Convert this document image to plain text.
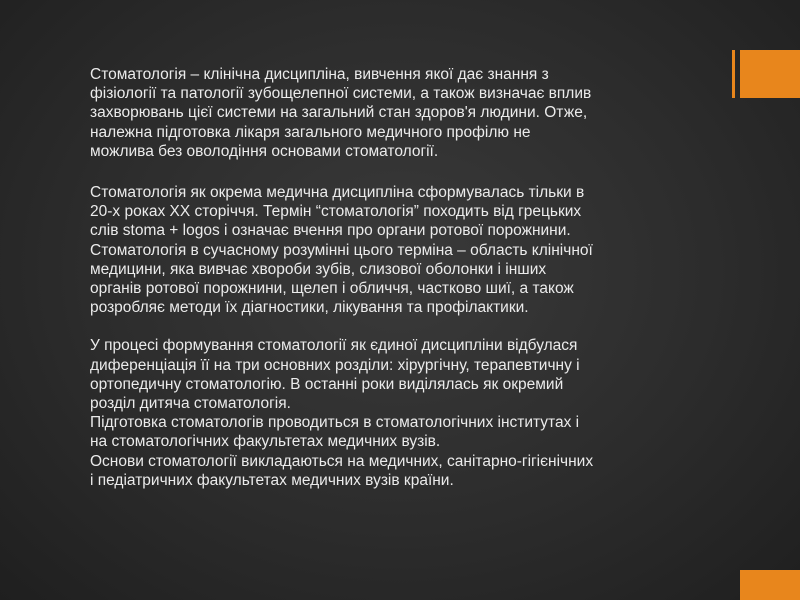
Стоматологія – клінічна дисципліна, вивчення якої дає знання з
фізіології та патології зубощелепної системи, а також визначає вплив
захворювань цієї системи на загальний стан здоров'я людини. Отже,
належна підготовка лікаря загального медичного профілю не
можлива без оволодіння основами стоматології.

Стоматологія як окрема медична дисципліна сформувалась тільки в
20-х роках XX сторіччя. Термін “стоматологія” походить від грецьких
слів stoma + logos і означає вчення про органи ротової порожнини.
Стоматологія в сучасному розумінні цього терміна – область клінічної
медицини, яка вивчає хвороби зубів, слизової оболонки і інших
органів ротової порожнини, щелеп і обличчя, частково шиї, а також
розробляє методи їх діагностики, лікування та профілактики.

У процесі формування стоматології як єдиної дисципліни відбулася
диференціація її на три основних розділи: хірургічну, терапевтичну і
ортопедичну стоматологію. В останні роки виділялась як окремий
розділ дитяча стоматологія.

Підготовка стоматологів проводиться в стоматологічних інститутах і
на стоматологічних факультетах медичних вузів.

Основи стоматології викладаються на медичних, санітарно-гігієнічних
і педіатричних факультетах медичних вузів країни.
